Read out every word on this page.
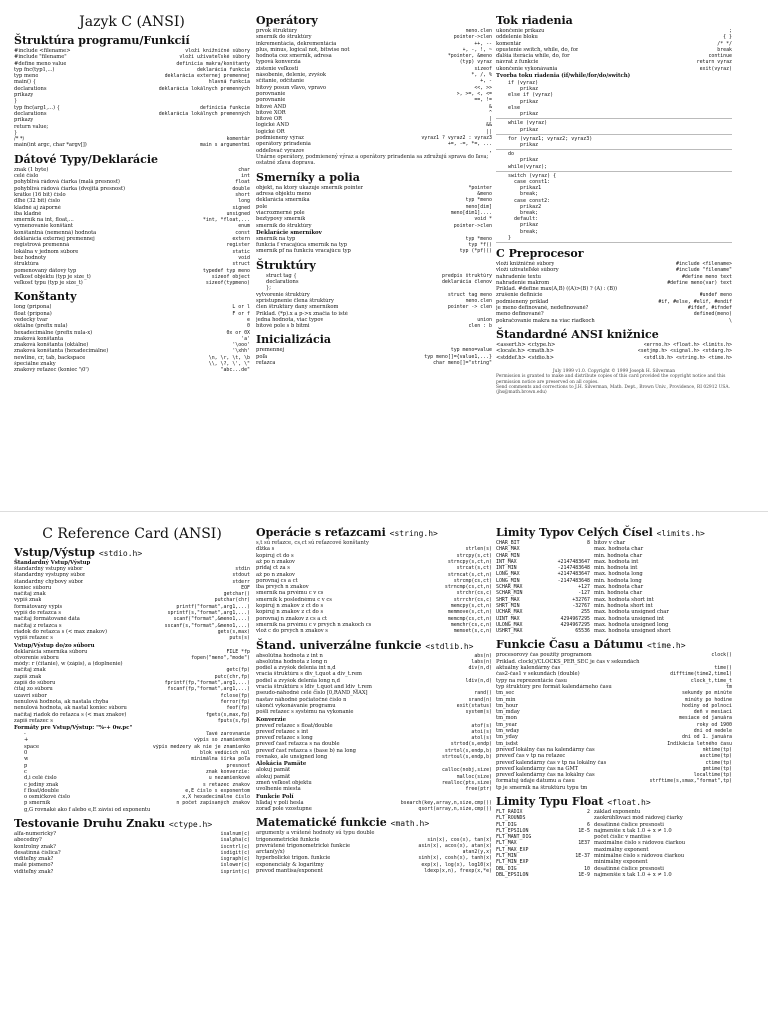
Jazyk C (ANSI)
Štruktúra programu/Funkcií
#include <filename>	vloží knižničné súbory
#include "filename"	vloží užívateľské súbory
#define meno value	definícia makra/konštanty
typ fnc(typ1,...)	deklarácia funkcie
typ meno	deklarácia externej premennej
main() {	hlavná funkcia
declarations	deklarácia lokálnych premenných
príkazy
}
typ fnc(arg1,...) {	definícia funkcie
declarations	deklarácia lokálnych premenných
príkazy
return value;
}
/* */	komentár
main(int argc, char *argv[])	main s argumentmi
Dátové Typy/Deklarácie
znak (1 byte)	char
celé číslo	int
pohyblivá rádová čiarka (malá presnosť)	float
pohyblivá rádová čiarka (dvojitá presnosť)	double
krátke (16 bit) číslo	short
dlhé (32 bit) číslo	long
kladné aj záporné	signed
iba kladné	unsigned
smerník na int, float,...	*int, *float,...
vymenovanie konštánt	enum
konštantná (nemenná) hodnota	const
deklarácia externej premennej	extern
registrová premenná	register
lokálna v jednom súbore	static
bez hodnoty	void
štruktúra	struct
pomenovaný dátový typ	typedef typ meno
veľkosť objektu (typ je size_t)	sizeof object
veľkosť typu (typ je size_t)	sizeof(typmeno)
Konštanty
long (prípona)	L or l
float (prípona)	F or f
vedecký tvar	e
oktálne (prefix nula)	0
hexadecimálne (prefix nula-x)	0x or 0X
znaková konštanta	'a'
znaková konštanta (oktálne)	'\ooo'
znaková konštanta (hexadecimálne)	'\xhh'
newline, cr, tab, backspace	\n, \r, \t, \b
špeciálne znaky	\\, \?, \', \"
znakový reťazec (koniec '\0')	"abc...de"
Operátory
prvok štruktúry	meno.clen
smerník do štruktúry	pointer->clen
inkrementácia, dekrementácia	++, --
plus, mínus, logical not, bitwise not	+, -, !, ~
hodnota cez smerník, adresa	*pointer, &meno
typová konverzia	(typ) vyraz
zistenie veľkosti	sizeof
násobenie, delenie, zvyšok	*, /, %
sčítanie, odčítanie	+, -
bitový posun vľavo, vpravo	<<, >>
porovnanie	>, >=, <, <=
porovnanie	==, !=
bitové AND	&
bitové XOR	^
bitové OR	|
logické AND	&&
logické OR	||
podmienený výraz	vyraz1 ? vyraz2 : vyraz3
operátory priradenia	+=, -=, *=, ...
oddeľovač výrazov	,
Unárne operátory, podmienený výraz a operátory priradenia sa združujú sprava do ľava; ostatné zľava doprava.
Smerníky a polia
objekt, na ktorý ukazuje smerník pointer	*pointer
adresa objektu meno	&meno
deklarácia smerníka	typ *meno
pole	meno[dim]
viacrozmerné pole	meno[dim1]....
beztypový smerník	void *
smerník do štruktúry	pointer->clen
Deklarácie smerníkov
smerník na typ	typ *meno
funkcia f vracajúca smerník na typ	typ *f()
smerník pf na funkciu vracajúcu typ	typ (*pf)()
Štruktúry
struct tag {	predpis štruktúry
declarations	deklarácia členov
};
vytvorenie štruktúry	struct tag meno
sprístupnenie člena štruktúry	meno.clen
člen štruktúry daný smerníkom	pointer -> clen
Príklad. (*p).x a p->x značia to isté
jedna hodnota, viac typov	union
bitové pole s b bitmi	clen : b
Inicializácia
premennej	typ meno=value
poľa	typ meno[]={value1,...}
reťazca	char meno[]="string"
Tok riadenia
ukončenie príkazu	;
oddelenie bloku	{ }
komentár	/* */
opustenie switch, while, do, for	break
ďalšia iterácia while, do, for	continue
návrat z funkcie	return vyraz
ukončenie vykonávania	exit(vyraz)
Tvorba toku riadenia (if/while/for/do/switch)
if (vyraz)
prikaz
else if (vyraz)
prikaz
else
prikaz
while (vyraz)
prikaz
for (vyraz1; vyraz2; vyraz3)
prikaz
do
prikaz
while(vyraz);
switch (vyraz) {
case const1:
prikaz1
break;
case const2:
prikaz2
break;
default:
prikaz
break;
}
C Preprocesor
vloží knižničné súbory	#include <filename>
vloží užívateľské súbory	#include "filename"
nahradenie textu	#define meno text
nahradenie makrom	#define meno(var) text
Príklad. #define max(A,B) ((A)>(B) ? (A) : (B))
zrušenie definície	#undef meno
podmienený príklad	#if, #else, #elif, #endif
je meno definované, nedefinované?	#ifdef, #ifndef
meno definované?	defined(meno)
pokračovanie makra na viac riadkoch	\
Štandardné ANSI knižnice
<assert.h> <ctype.h>	<errno.h> <float.h> <limits.h>
<locale.h> <math.h>	<setjmp.h> <signal.h> <stdarg.h>
<stddef.h> <stdio.h>	<stdlib.h> <string.h> <time.h>
July 1999 v1.0. Copyright © 1999 Joseph H. Silverman
Permission is granted to make and distribute copies of this card provided the copyright notice and this permission notice are preserved on all copies.
Send comments and corrections to J.H. Silverman, Math. Dept., Brown Univ., Providence, RI 02912 USA. ⟨jhs@math.brown.edu⟩
C Reference Card (ANSI)
Vstup/Výstup <stdio.h>
Štandardný Vstup/Výstup
štandardný vstupný súbor	stdin
štandardný výstupný súbor	stdout
štandardný chybový súbor	stderr
koniec súboru	EOF
načítaj znak	getchar()
vypíš znak	putchar(chr)
formátovaný výpis	printf("format",arg1,...)
vypíš do reťazca s	sprintf(s,"format",arg1,...)
načítaj formátované dáta	scanf("format",&meno1,...)
načítaj z reťazca s	sscanf(s,"format",&meno1,...)
riadok do reťazca s (< max znakov)	gets(s,max)
vypíš reťazec s	puts(s)
Vstup/Výstup do/zo súboru
deklarácia smerníka súboru	FILE *fp
otvorenie súboru	fopen("meno","mode")
módy: r (čítanie), w (zápis), a (doplnenie)
načítaj znak	getc(fp)
zapíš znak	putc(chr,fp)
zapíš do súboru	fprintf(fp,"format",arg1,...)
čítaj zo súboru	fscanf(fp,"format",arg1,...)
uzavri súbor	fclose(fp)
nenulová hodnota, ak nastala chyba	ferror(fp)
nenulová hodnota, ak nastal koniec súboru	feof(fp)
načítaj riadok do reťazca s (< max znakov)	fgets(s,max,fp)
zapíš reťazec s	fputs(s,fp)
Formáty pre Vstup/Výstup: "%-+ 0w.pc"
-	ľavé zarovnanie
+	výpis so znamienkom
space	výpis medzery ak nie je znamienko
0	blok vedúcich núl
w	minimálna šírka poľa
p	presnosť
c	znak konverzie:
d,i celé číslo	u nezamienkové
c jediný znak	s retazec znakov
f float/double	e,E číslo s exponentom
o osmičkové číslo	x,X hexadecimálne číslo
p smerník	n počet zapísaných znakov
g,G rovnaké ako f alebo e,E závisí od exponentu
Testovanie Druhu Znaku <ctype.h>
alfa-numerický?	isalnum(c)
abecedný?	isalpha(c)
kontrolný znak?	iscntrl(c)
desatinná číslica?	isdigit(c)
viditeľný znak?	isgraph(c)
malé písmeno?	islower(c)
viditeľný znak?	isprint(c)
Operácie s reťazcami <string.h>
s,t sú reťazce, cs,ct sú reťazcové konštanty
dĺžka s	strlen(s)
kopíruj ct do s	strcpy(s,ct)
až po n znakov	strncpy(s,ct,n)
pridaj ct za s	strcat(s,ct)
až po n znakov	strncat(s,ct,n)
porovnaj cs a ct	strcmp(cs,ct)
iba prvých n znakov	strncmp(cs,ct,n)
smerník na prvému c v cs	strchr(cs,c)
smerník k poslednému c v cs	strrchr(cs,c)
kopíruj n znakov z ct do s	memcpy(s,ct,n)
kopíruj n znakov z ct do s	memmove(s,ct,n)
porovnaj n znakov z cs a ct	memcmp(cs,ct,n)
smerník na prvému c v prvých n znakoch cs	memchr(cs,c,n)
vlož c do prvých n znakov s	memset(s,c,n)
Štand. univerzálne funkcie <stdlib.h>
absolútna hodnota z int n	abs(n)
absolútna hodnota z long n	labs(n)
podiel a zvyšok delenia int n,d	div(n,d)
vracia štruktúru s div_t.quot a div_t.rem
podiel a zvyšok delenia long n,d	ldiv(n,d)
vracia štruktúru s ldiv_t.quot and ldiv_t.rem
pseudo-náhodné celé číslo [0,RAND_MAX]	rand()
nastav náhodné počiatočné číslo n	srand(n)
ukonči vykonávanie programu	exit(status)
pošli reťazec s systému na vykonanie	system(s)
Konverzie
preveď reťazec s float/double	atof(s)
preveď reťazec s int	atoi(s)
preveď reťazec s long	atol(s)
preveď časť reťazca s na double	strtod(s,endp)
preveď časť reťazca s (base b) na long	strtol(s,endp,b)
rovnako, ale unsigned long	strtoul(s,endp,b)
Alokácia Pamäte
alokuj pamäť	calloc(nobj,size)
alokuj pamäť	malloc(size)
zmeň veľkosť objektu	realloc(pts,size)
uvoľnenie miesta	free(ptr)
Funkcie Polí
hľadaj v poli hesla	bsearch(key,array,n,size,cmp())
zoraď pole vzostupne	qsort(array,n,size,cmp())
Matematické funkcie <math.h>
argumenty a vrátené hodnoty sú typu double
trigonometrické funkcie	sin(x), cos(x), tan(x)
prevrátené trigonometrické funkcie	asin(x), acos(x), atan(x)
arctan(y/x)	atan2(y,x)
hyperbolické trigon. funkcie	sinh(x), cosh(x), tanh(x)
exponenciály & logaritmy	exp(x), log(x), log10(x)
prevod mantisa/exponent	ldexp(x,n), frexp(x,*e)
Limity Typov Celých Čísel <limits.h>
CHAR_BIT	8 bitov v char
CHAR_MAX	max. hodnota char
CHAR_MIN	min. hodnota char
INT_MAX	+2147483647 max. hodnota int
INT_MIN	-2147483648 min. hodnota int
LONG_MAX	+2147483647 max. hodnota long
LONG_MIN	-2147483648 min. hodnota long
SCHAR_MAX	+127 max. hodnota char
SCHAR_MIN	-127 min. hodnota char
SHRT_MAX	+32767 max. hodnota short int
SHRT_MIN	-32767 min. hodnota short int
UCHAR_MAX	255 max. hodnota unsigned char
UINT_MAX	4294967295 max. hodnota unsigned int
ULONG_MAX	4294967295 max. hodnota unsigned long
USHRT_MAX	65536 max. hodnota unsigned short
Funkcie Času a Dátumu <time.h>
procesorový čas použitý programom	clock()
Príklad. clock()/CLOCKS_PER_SEC je čas v sekundách
aktuálny kalendárny čas	time()
čas2-čas1 v sekundách (double)	difftime(time2,time1)
typy na reprezentácie času	clock_t,time_t
typ štruktúry pre formát kalendárneho času	tm
tm_sec	sekundy po minúte
tm_min	minúty po hodine
tm_hour	hodiny od polnoci
tm_mday	deň v mesiaci
tm_mon	mesiace od januára
tm_year	roky od 1900
tm_wday	dni od nedele
tm_yday	dni od 1. januára
tm_isdst	Indikácia letného času
preveď lokálny čas na kalendárny čas	mktime(tp)
preveď čas v tp na reťazec	asctime(tp)
preveď kalendárny čas v tp na lokálny čas	ctime(tp)
preveď kalendárny čas na GMT	gmtime(tp)
preveď kalendárny čas na lokálny čas	localtime(tp)
formátuj údaje dátumu a času	strftime(s,smax,"format",tp)
tp je smerník na štruktúru typu tm
Limity Typu Float <float.h>
FLT_RADIX	2 základ exponentu
FLT_ROUNDS	zaokrúhľovací mód rádovej čiarky
FLT_DIG	6 desatinné číslice presnosti
FLT_EPSILON	1E-5 najmenšie x tak 1.0 + x ≠ 1.0
FLT_MANT_DIG	počet číslic v mantise
FLT_MAX	1E37 maximálne číslo s rádovou čiarkou
FLT_MAX_EXP	maximálny exponent
FLT_MIN	1E-37 minimálne číslo s rádovou čiarkou
FLT_MIN_EXP	minimálny exponent
DBL_DIG	10 desatinné číslice presnosti
DBL_EPSILON	1E-9 najmenšie x tak 1.0 + x ≠ 1.0
